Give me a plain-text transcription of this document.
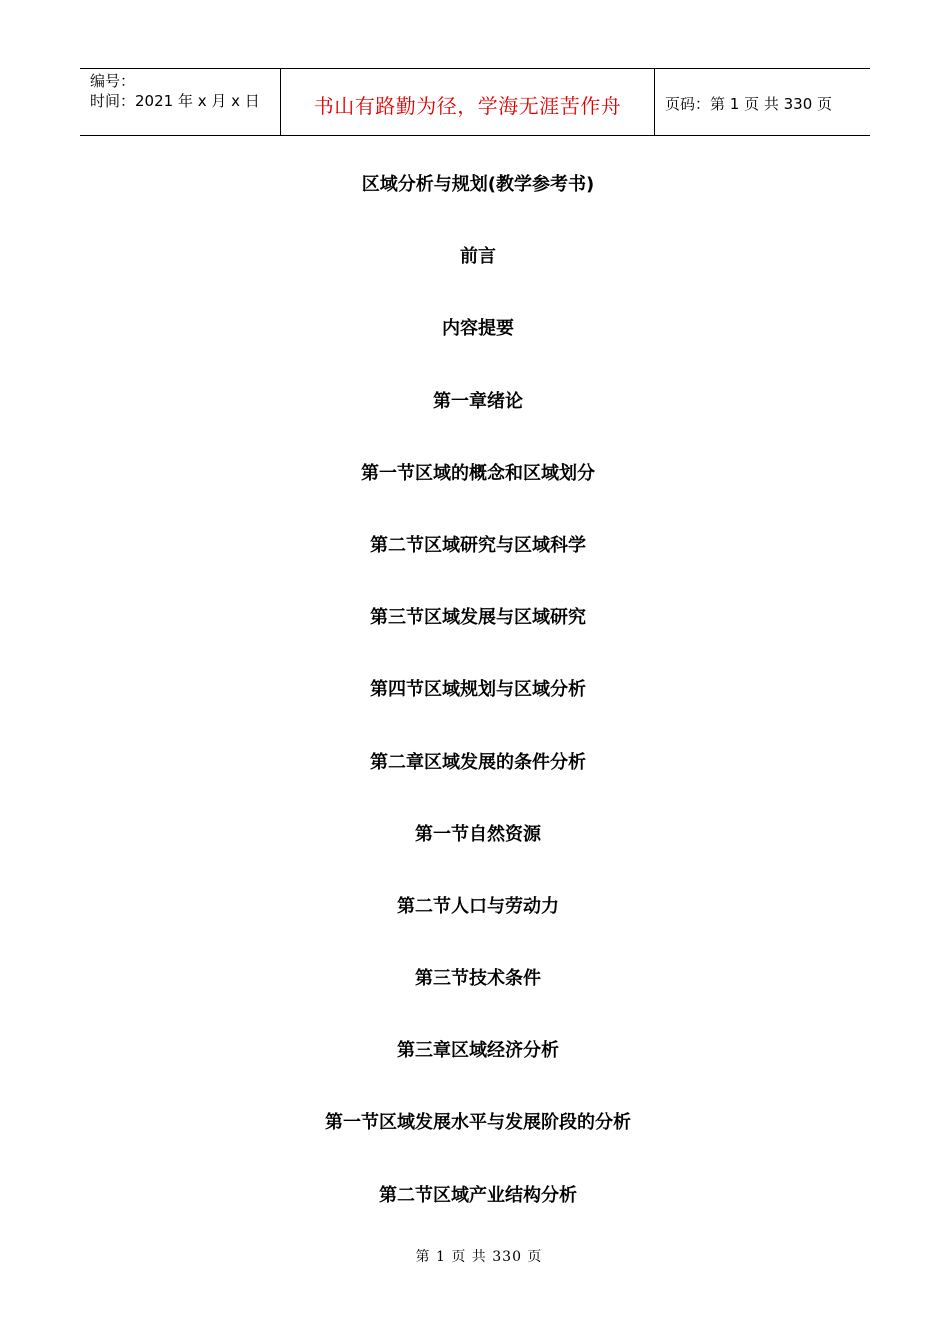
编号：
时间：2021 年 x 月 x 日	书山有路勤为径，学海无涯苦作舟	页码：第 1 页 共 330 页
区域分析与规划(教学参考书)
前言
内容提要
第一章绪论
第一节区域的概念和区域划分
第二节区域研究与区域科学
第三节区域发展与区域研究
第四节区域规划与区域分析
第二章区域发展的条件分析
第一节自然资源
第二节人口与劳动力
第三节技术条件
第三章区域经济分析
第一节区域发展水平与发展阶段的分析
第二节区域产业结构分析
第 1 页 共 330 页
